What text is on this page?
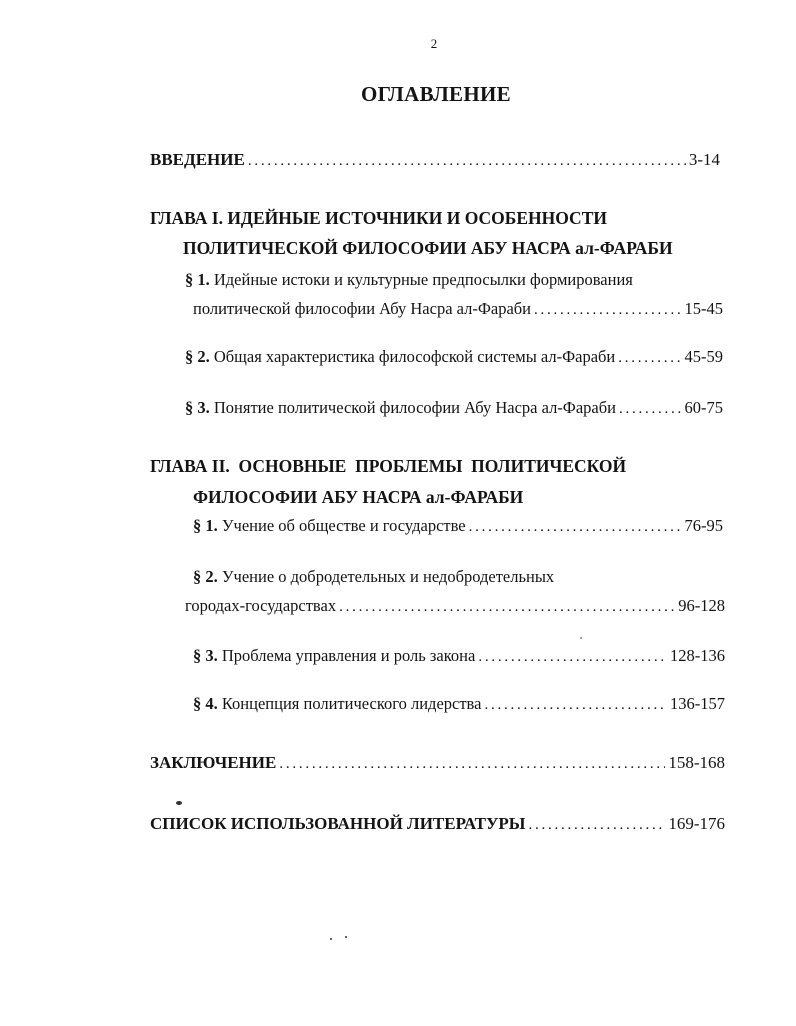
2
ОГЛАВЛЕНИЕ
ВВЕДЕНИЕ . . .	3-14
ГЛАВА I. ИДЕЙНЫЕ ИСТОЧНИКИ И ОСОБЕННОСТИ
ПОЛИТИЧЕСКОЙ ФИЛОСОФИИ АБУ НАСРА ал-ФАРАБИ
§ 1. Идейные истоки и культурные предпосылки формирования
политической философии Абу Насра ал-Фараби . . .	15-45
§ 2. Общая характеристика философской системы ал-Фараби . . .	45-59
§ 3. Понятие политической философии Абу Насра ал-Фараби . . .	60-75
ГЛАВА II.  ОСНОВНЫЕ  ПРОБЛЕМЫ  ПОЛИТИЧЕСКОЙ
ФИЛОСОФИИ АБУ НАСРА ал-ФАРАБИ
§ 1. Учение об обществе и государстве . . .	76-95
§ 2. Учение о добродетельных и недобродетельных
городах-государствах . . .	96-128
§ 3. Проблема управления и роль закона . . .	128-136
§ 4. Концепция политического лидерства . . .	136-157
ЗАКЛЮЧЕНИЕ . . .	158-168
СПИСОК ИСПОЛЬЗОВАННОЙ ЛИТЕРАТУРЫ . . .	169-176
